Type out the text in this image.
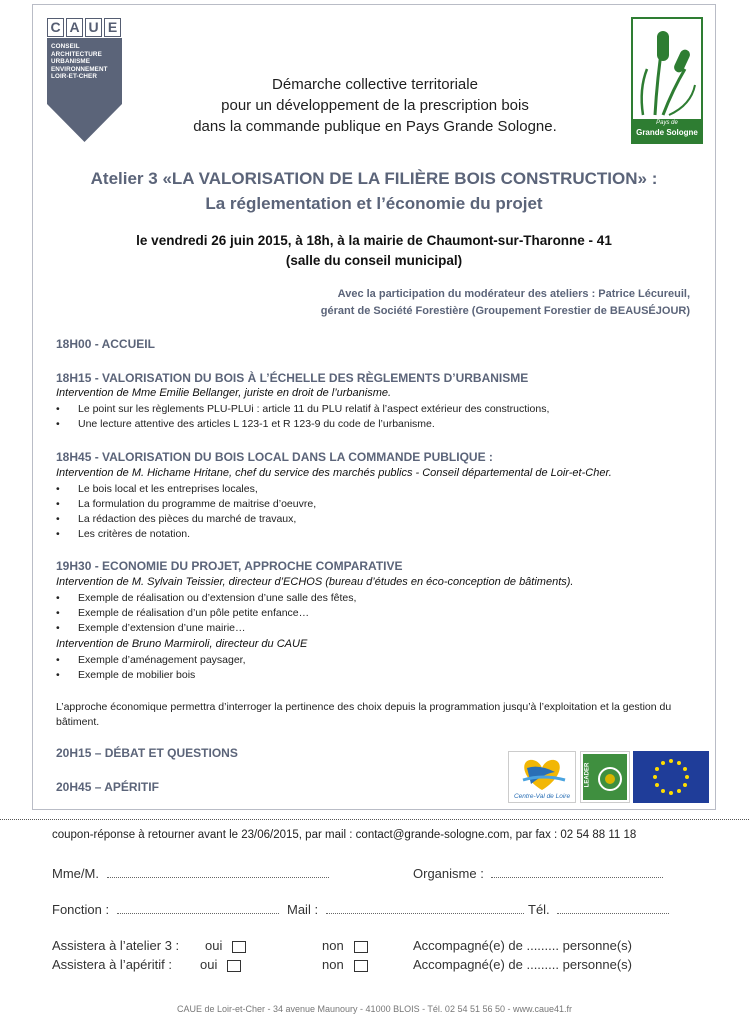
C A U E
CONSEIL
ARCHITECTURE
URBANISME
ENVIRONNEMENT
LOIR-ET-CHER
Pays de
Grande Sologne
Démarche collective territoriale
pour un développement de la prescription bois
dans la commande publique en Pays Grande Sologne.
Atelier 3 «LA VALORISATION DE LA FILIÈRE BOIS CONSTRUCTION» :
La réglementation et l’économie du projet
le vendredi 26 juin 2015, à 18h, à la mairie de Chaumont-sur-Tharonne - 41
(salle du conseil municipal)
Avec la participation du modérateur des ateliers : Patrice Lécureuil,
gérant de Société Forestière (Groupement Forestier de BEAUSÉJOUR)
18H00 - ACCUEIL
18H15 - VALORISATION DU BOIS À L’ÉCHELLE DES RÈGLEMENTS D’URBANISME
Intervention de Mme Emilie Bellanger, juriste en droit de l’urbanisme.
• Le point sur les règlements PLU-PLUi : article 11 du PLU relatif à l’aspect extérieur des constructions,
• Une lecture attentive des articles L 123-1 et R 123-9 du code de l’urbanisme.
18H45 - VALORISATION DU BOIS LOCAL DANS LA COMMANDE PUBLIQUE :
Intervention de M. Hichame Hritane, chef du service des marchés publics - Conseil départemental de Loir-et-Cher.
• Le bois local et les entreprises locales,
• La formulation du programme de maitrise d’oeuvre,
• La rédaction des pièces du marché de travaux,
• Les critères de notation.
19H30 - ECONOMIE DU PROJET, APPROCHE COMPARATIVE
Intervention de M. Sylvain Teissier, directeur d’ECHOS (bureau d’études en éco-conception de bâtiments).
• Exemple de réalisation ou d’extension d’une salle des fêtes,
• Exemple de réalisation d’un pôle petite enfance…
• Exemple d’extension d’une mairie…
Intervention de Bruno Marmiroli, directeur du CAUE
• Exemple d’aménagement paysager,
• Exemple de mobilier bois
L’approche économique permettra d’interroger la pertinence des choix depuis la programmation jusqu’à l’exploitation et la gestion du bâtiment.
20H15 – DÉBAT ET QUESTIONS
20H45 – APÉRITIF
Centre-Val de Loire
LEADER
coupon-réponse à retourner avant le 23/06/2015, par mail : contact@grande-sologne.com, par fax : 02 54 88 11 18
Mme/M.	Organisme :
Fonction :	Mail :	Tél.
Assistera à l’atelier 3 : oui	non	Accompagné(e) de ......... personne(s)
Assistera à l’apéritif : oui	non	Accompagné(e) de ......... personne(s)
CAUE de Loir-et-Cher - 34 avenue Maunoury - 41000 BLOIS - Tél. 02 54 51 56 50 - www.caue41.fr
